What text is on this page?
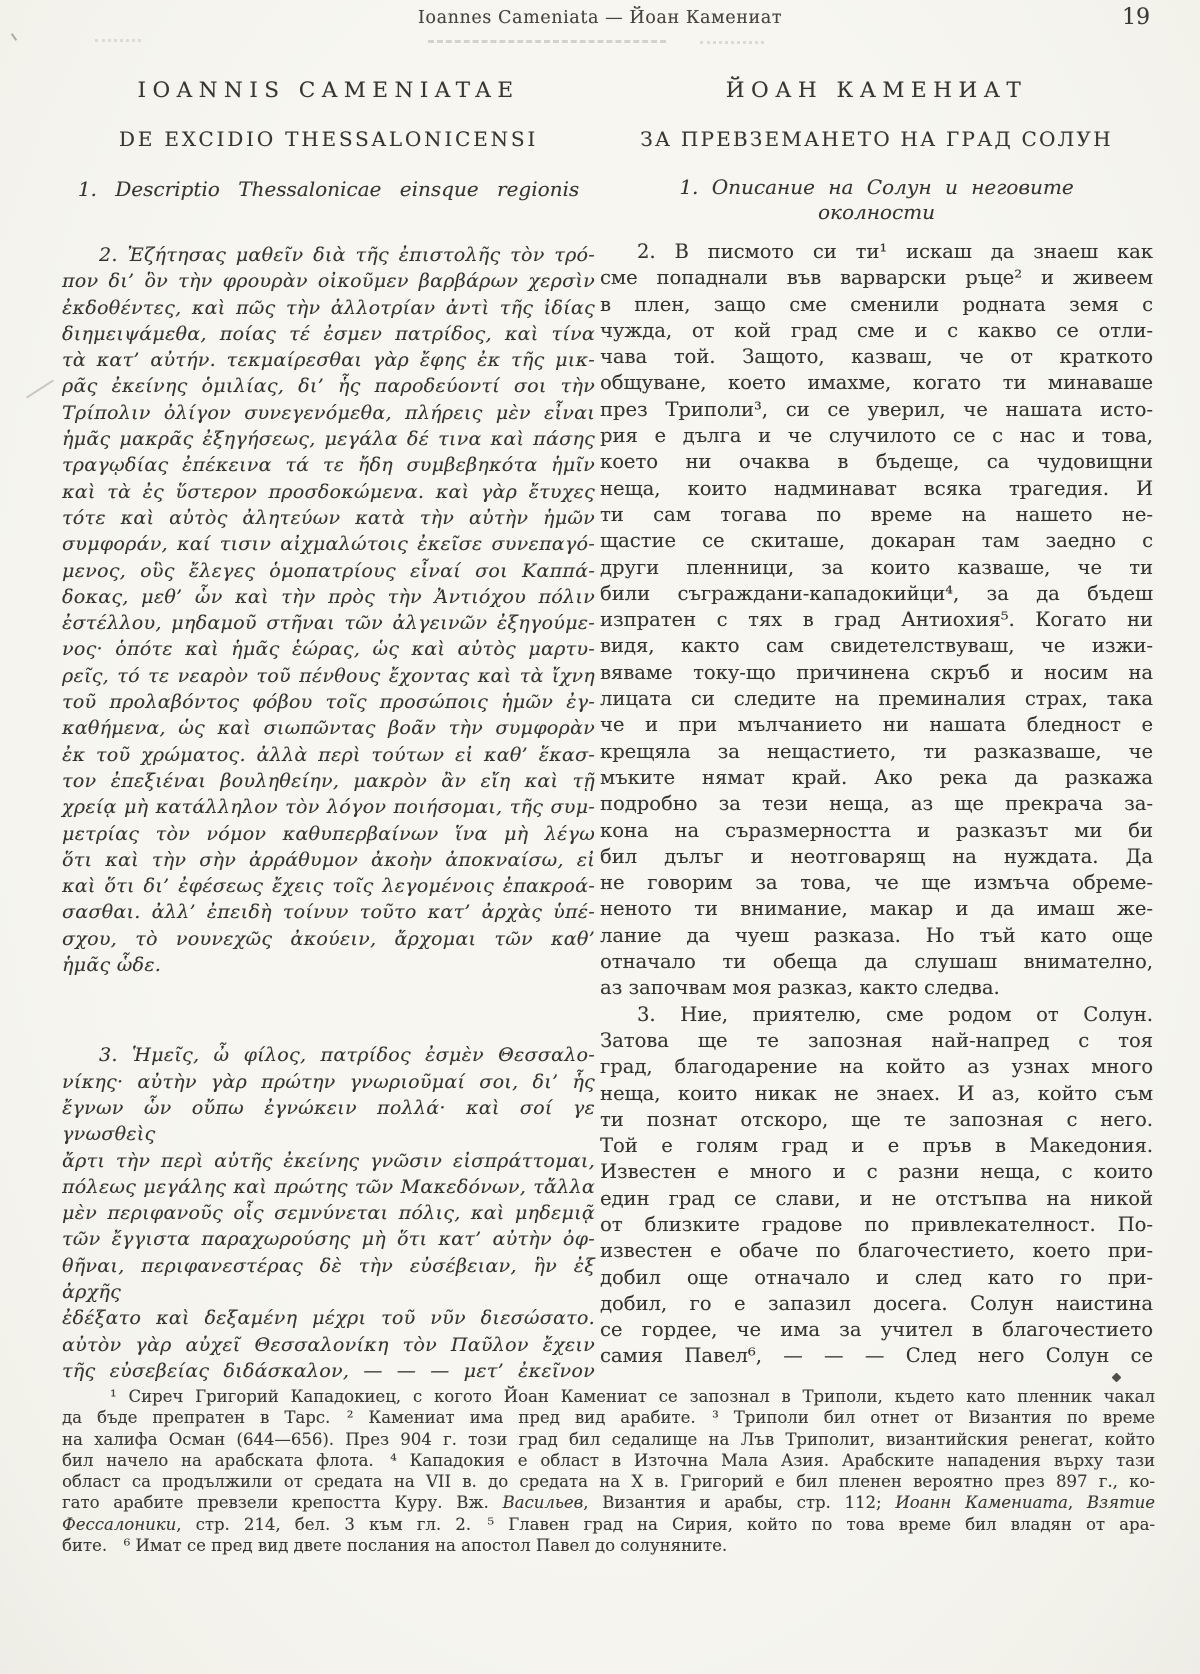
Ioannes Cameniata — Йоан Камениат	19
IOANNIS CAMENIATAE
DE EXCIDIO THESSALONICENSI
1. Descriptio Thessalonicae einsque regionis
2. Ἐζήτησας μαθεῖν διὰ τῆς ἐπιστολῆς τὸν τρό-
πον δι’ ὃν τὴν φρουρὰν οἰκοῦμεν βαρβάρων χερσὶν
ἐκδοθέντες, καὶ πῶς τὴν ἀλλοτρίαν ἀντὶ τῆς ἰδίας
διημειψάμεθα, ποίας τέ ἐσμεν πατρίδος, καὶ τίνα
τὰ κατ’ αὐτήν. τεκμαίρεσθαι γὰρ ἔφης ἐκ τῆς μικ-
ρᾶς ἐκείνης ὁμιλίας, δι’ ἧς παροδεύοντί σοι τὴν
Τρίπολιν ὀλίγον συνεγενόμεθα, πλήρεις μὲν εἶναι
ἡμᾶς μακρᾶς ἐξηγήσεως, μεγάλα δέ τινα καὶ πάσης
τραγῳδίας ἐπέκεινα τά τε ἤδη συμβεβηκότα ἡμῖν
καὶ τὰ ἐς ὕστερον προσδοκώμενα. καὶ γὰρ ἔτυχες
τότε καὶ αὐτὸς ἀλητεύων κατὰ τὴν αὐτὴν ἡμῶν
συμφοράν, καί τισιν αἰχμαλώτοις ἐκεῖσε συνεπαγό-
μενος, οὓς ἔλεγες ὁμοπατρίους εἶναί σοι Καππά-
δοκας, μεθ’ ὧν καὶ τὴν πρὸς τὴν Ἀντιόχου πόλιν
ἐστέλλου, μηδαμοῦ στῆναι τῶν ἀλγεινῶν ἐξηγούμε-
νος· ὁπότε καὶ ἡμᾶς ἑώρας, ὡς καὶ αὐτὸς μαρτυ-
ρεῖς, τό τε νεαρὸν τοῦ πένθους ἔχοντας καὶ τὰ ἴχνη
τοῦ προλαβόντος φόβου τοῖς προσώποις ἡμῶν ἐγ-
καθήμενα, ὡς καὶ σιωπῶντας βοᾶν τὴν συμφορὰν
ἐκ τοῦ χρώματος. ἀλλὰ περὶ τούτων εἰ καθ’ ἕκασ-
τον ἐπεξιέναι βουληθείην, μακρὸν ἂν εἴη καὶ τῇ
χρείᾳ μὴ κατάλληλον τὸν λόγον ποιήσομαι, τῆς συμ-
μετρίας τὸν νόμον καθυπερβαίνων ἵνα μὴ λέγω
ὅτι καὶ τὴν σὴν ἀρράθυμον ἀκοὴν ἀποκναίσω, εἰ
καὶ ὅτι δι’ ἐφέσεως ἔχεις τοῖς λεγομένοις ἐπακροά-
σασθαι. ἀλλ’ ἐπειδὴ τοίνυν τοῦτο κατ’ ἀρχὰς ὑπέ-
σχου, τὸ νουνεχῶς ἀκούειν, ἄρχομαι τῶν καθ’
ἡμᾶς ὧδε.
3. Ἡμεῖς, ὦ φίλος, πατρίδος ἐσμὲν Θεσσαλο-
νίκης· αὐτὴν γὰρ πρώτην γνωριοῦμαί σοι, δι’ ἧς
ἔγνων ὧν οὔπω ἐγνώκειν πολλά· καὶ σοί γε γνωσθεὶς
ἄρτι τὴν περὶ αὐτῆς ἐκείνης γνῶσιν εἰσπράττομαι,
πόλεως μεγάλης καὶ πρώτης τῶν Μακεδόνων, τἄλλα
μὲν περιφανοῦς οἷς σεμνύνεται πόλις, καὶ μηδεμιᾷ
τῶν ἔγγιστα παραχωρούσης μὴ ὅτι κατ’ αὐτὴν ὀφ-
θῆναι, περιφανεστέρας δὲ τὴν εὐσέβειαν, ἣν ἐξ ἀρχῆς
ἐδέξατο καὶ δεξαμένη μέχρι τοῦ νῦν διεσώσατο.
αὐτὸν γὰρ αὐχεῖ Θεσσαλονίκη τὸν Παῦλον ἔχειν
τῆς εὐσεβείας διδάσκαλον, — — — μετ’ ἐκεῖνον
ЙОАН КАМЕНИАТ
ЗА ПРЕВЗЕМАНЕТО НА ГРАД СОЛУН
1. Описание на Солун и неговите
околности
2. В писмото си ти¹ искаш да знаеш как
сме попаднали във варварски ръце² и живеем
в плен, защо сме сменили родната земя с
чужда, от кой град сме и с какво се отли-
чава той. Защото, казваш, че от краткото
общуване, което имахме, когато ти минаваше
през Триполи³, си се уверил, че нашата исто-
рия е дълга и че случилото се с нас и това,
което ни очаква в бъдеще, са чудовищни
неща, които надминават всяка трагедия. И
ти сам тогава по време на нашето не-
щастие се скиташе, докаран там заедно с
други пленници, за които казваше, че ти
били съграждани-кападокийци⁴, за да бъдеш
изпратен с тях в град Антиохия⁵. Когато ни
видя, както сам свидетелствуваш, че изжи-
вяваме току-що причинена скръб и носим на
лицата си следите на преминалия страх, така
че и при мълчанието ни нашата бледност е
крещяла за нещастието, ти разказваше, че
мъките нямат край. Ако река да разкажа
подробно за тези неща, аз ще прекрача за-
кона на съразмерността и разказът ми би
бил дълъг и неотговарящ на нуждата. Да
не говорим за това, че ще измъча обреме-
неното ти внимание, макар и да имаш же-
лание да чуеш разказа. Но тъй като още
отначало ти обеща да слушаш внимателно,
аз започвам моя разказ, както следва.
3. Ние, приятелю, сме родом от Солун.
Затова ще те запозная най-напред с тоя
град, благодарение на който аз узнах много
неща, които никак не знаех. И аз, който съм
ти познат отскоро, ще те запозная с него.
Той е голям град и е пръв в Македония.
Известен е много и с разни неща, с които
един град се слави, и не отстъпва на никой
от близките градове по привлекателност. По-
известен е обаче по благочестието, което при-
добил още отначало и след като го при-
добил, го е запазил досега. Солун наистина
се гордее, че има за учител в благочестието
самия Павел⁶, — — — След него Солун се
¹ Сиреч Григорий Кападокиец, с когото Йоан Камениат се запознал в Триполи, където като пленник чакал
да бъде препратен в Тарс.  ² Камениат има пред вид арабите.  ³ Триполи бил отнет от Византия по време
на халифа Осман (644—656). През 904 г. този град бил седалище на Лъв Триполит, византийския ренегат, който
бил начело на арабската флота.  ⁴ Кападокия е област в Източна Мала Азия. Арабските нападения върху тази
област са продължили от средата на VII в. до средата на X в. Григорий е бил пленен вероятно през 897 г., ко-
гато арабите превзели крепостта Куру. Вж. Васильев, Византия и арабы, стр. 112; Иоанн Камениата, Взятие
Фессалоники, стр. 214, бел. 3 към гл. 2.  ⁵ Главен град на Сирия, който по това време бил владян от ара-
бите.  ⁶ Имат се пред вид двете послания на апостол Павел до солуняните.
